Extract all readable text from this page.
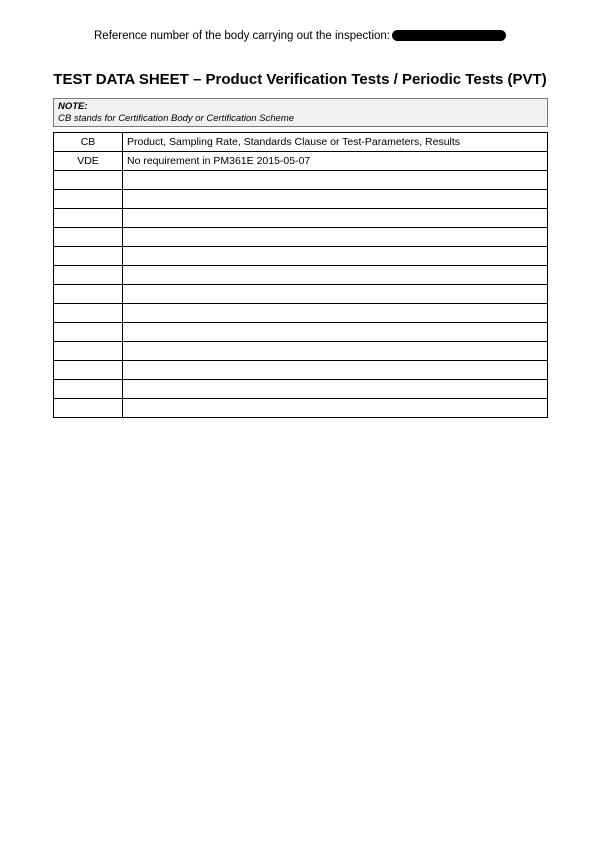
Reference number of the body carrying out the inspection:
TEST DATA SHEET – Product Verification Tests / Periodic Tests (PVT)
NOTE:
CB stands for Certification Body or Certification Scheme
CB	Product, Sampling Rate, Standards Clause or Test-Parameters, Results
VDE	No requirement in PM361E 2015-05-07
